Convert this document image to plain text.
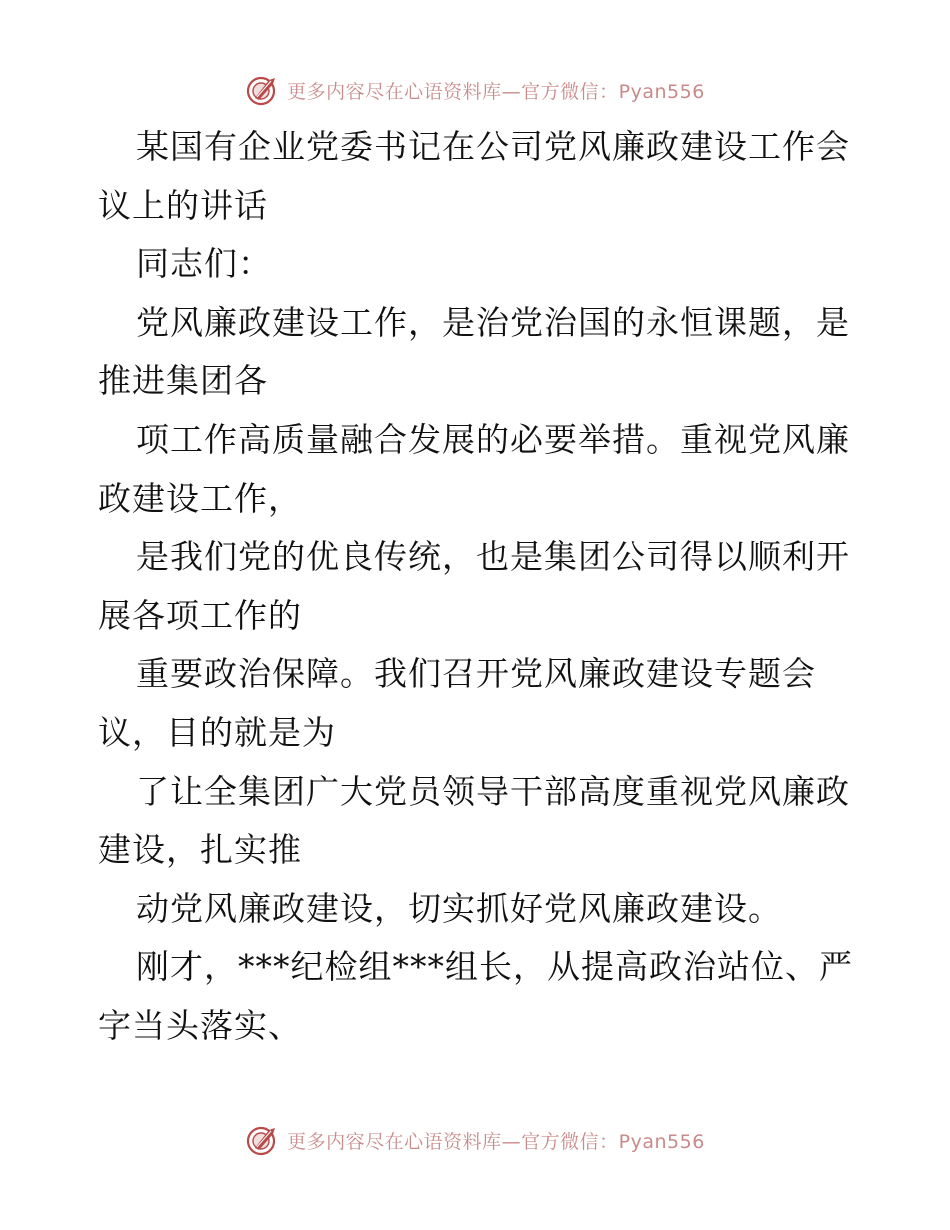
更多内容尽在心语资料库—官方微信：Pyan556
某国有企业党委书记在公司党风廉政建设工作会
议上的讲话
同志们：
党风廉政建设工作，是治党治国的永恒课题，是
推进集团各
项工作高质量融合发展的必要举措。重视党风廉
政建设工作，
是我们党的优良传统，也是集团公司得以顺利开
展各项工作的
重要政治保障。我们召开党风廉政建设专题会
议，目的就是为
了让全集团广大党员领导干部高度重视党风廉政
建设，扎实推
动党风廉政建设，切实抓好党风廉政建设。
刚才，***纪检组***组长，从提高政治站位、严
字当头落实、
更多内容尽在心语资料库—官方微信：Pyan556
